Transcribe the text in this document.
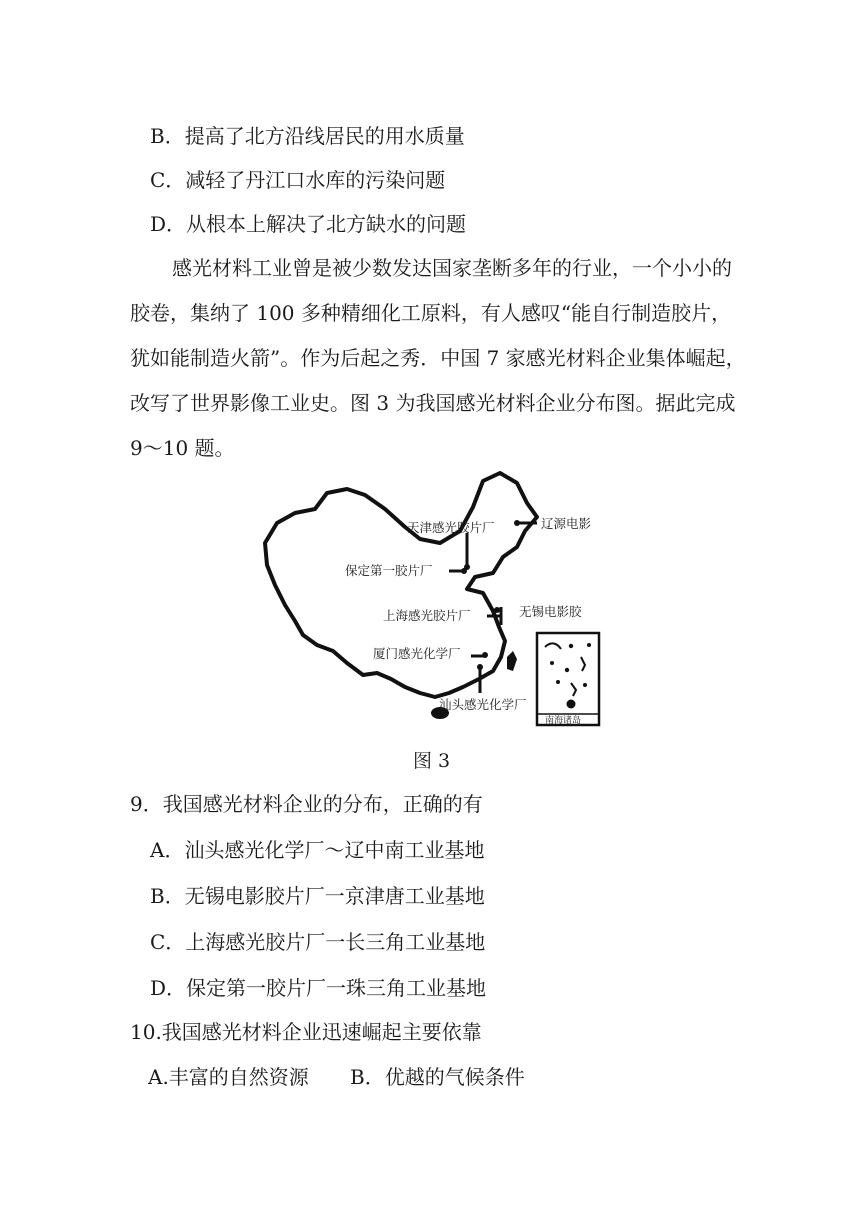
B．提高了北方沿线居民的用水质量
C．减轻了丹江口水库的污染问题
D．从根本上解决了北方缺水的问题
感光材料工业曾是被少数发达国家垄断多年的行业，一个小小的
胶卷，集纳了 100 多种精细化工原料，有人感叹“能自行制造胶片，
犹如能制造火箭”。作为后起之秀．中国 7 家感光材料企业集体崛起，
改写了世界影像工业史。图 3 为我国感光材料企业分布图。据此完成
9～10 题。
天津感光胶片厂	辽源电影
保定第一胶片厂
上海感光胶片厂	无锡电影胶
厦门感光化学厂
汕头感光化学厂
南海诸岛
图 3
9．我国感光材料企业的分布，正确的有
A．汕头感光化学厂～辽中南工业基地
B．无锡电影胶片厂一京津唐工业基地
C．上海感光胶片厂一长三角工业基地
D．保定第一胶片厂一珠三角工业基地
10.我国感光材料企业迅速崛起主要依靠
A.丰富的自然资源 B．优越的气候条件
